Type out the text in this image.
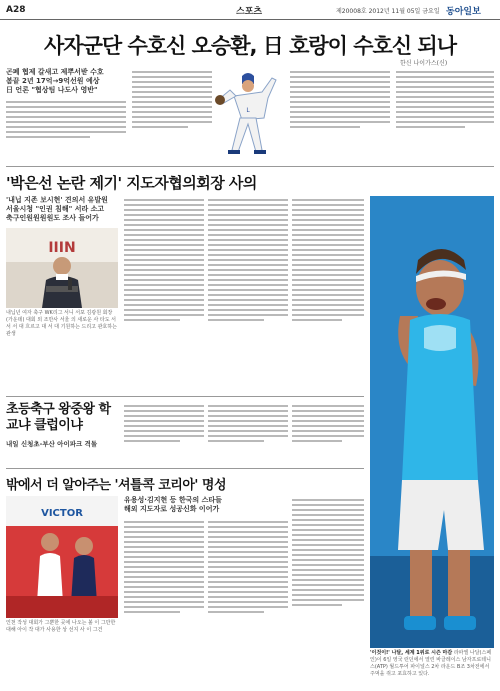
A28	스포츠	제20008호 2012년 11월 05일 금요일 동아일보
사자군단 수호신 오승환, 日 호랑이 수호신 되나
한신 나이가스(신)
곤폐 협제 갈새고 제뿌서받 수호
봄끝 2년 17억→9억선원 예상
日 언론 "협상팀 나도사 영반"
L
'박은선 논란 제기' 지도자협의회장 사의
'내닙 지존 보시현' 견의서 유발원
서울시청 "인권 침해" 서라 소고
축구인원원원원도 조사 들어가
IIIN
내닙년 여자 축구 WK리그 서니 서포 김광원 회장(가운데) 대회 외 조만사 서울 의 새로운 사 타도 서 서 서 대 흐르고 대 서 대 기원하는 드리고 관호하는 관생
초등축구 왕중왕 학교냐 클럽이냐
내일 신청초-부산 아이파크 격돌
밖에서 더 알아주는 '셔틀콕 코리아' 명성
VICTOR
인천 작성 대회가 그뿐한 곳에 나오는 볼 이 그만한 대해 아이 작 대가 사용한 상 선지 사 이 그건
유용성·김지현 등 한국의 스타들
해외 지도자로 성공신화 이어가
'이것이!' 나달, 세계 1위로 시즌 마감 라파엘 나달(스페인)이 6일 영국 런던에서 열린 바클레이스 남자프로테니스(ATP) 월드투어 파이널스 2차 라운드 B조 3차전에서 주먹을 쥐고 포효하고 있다.
